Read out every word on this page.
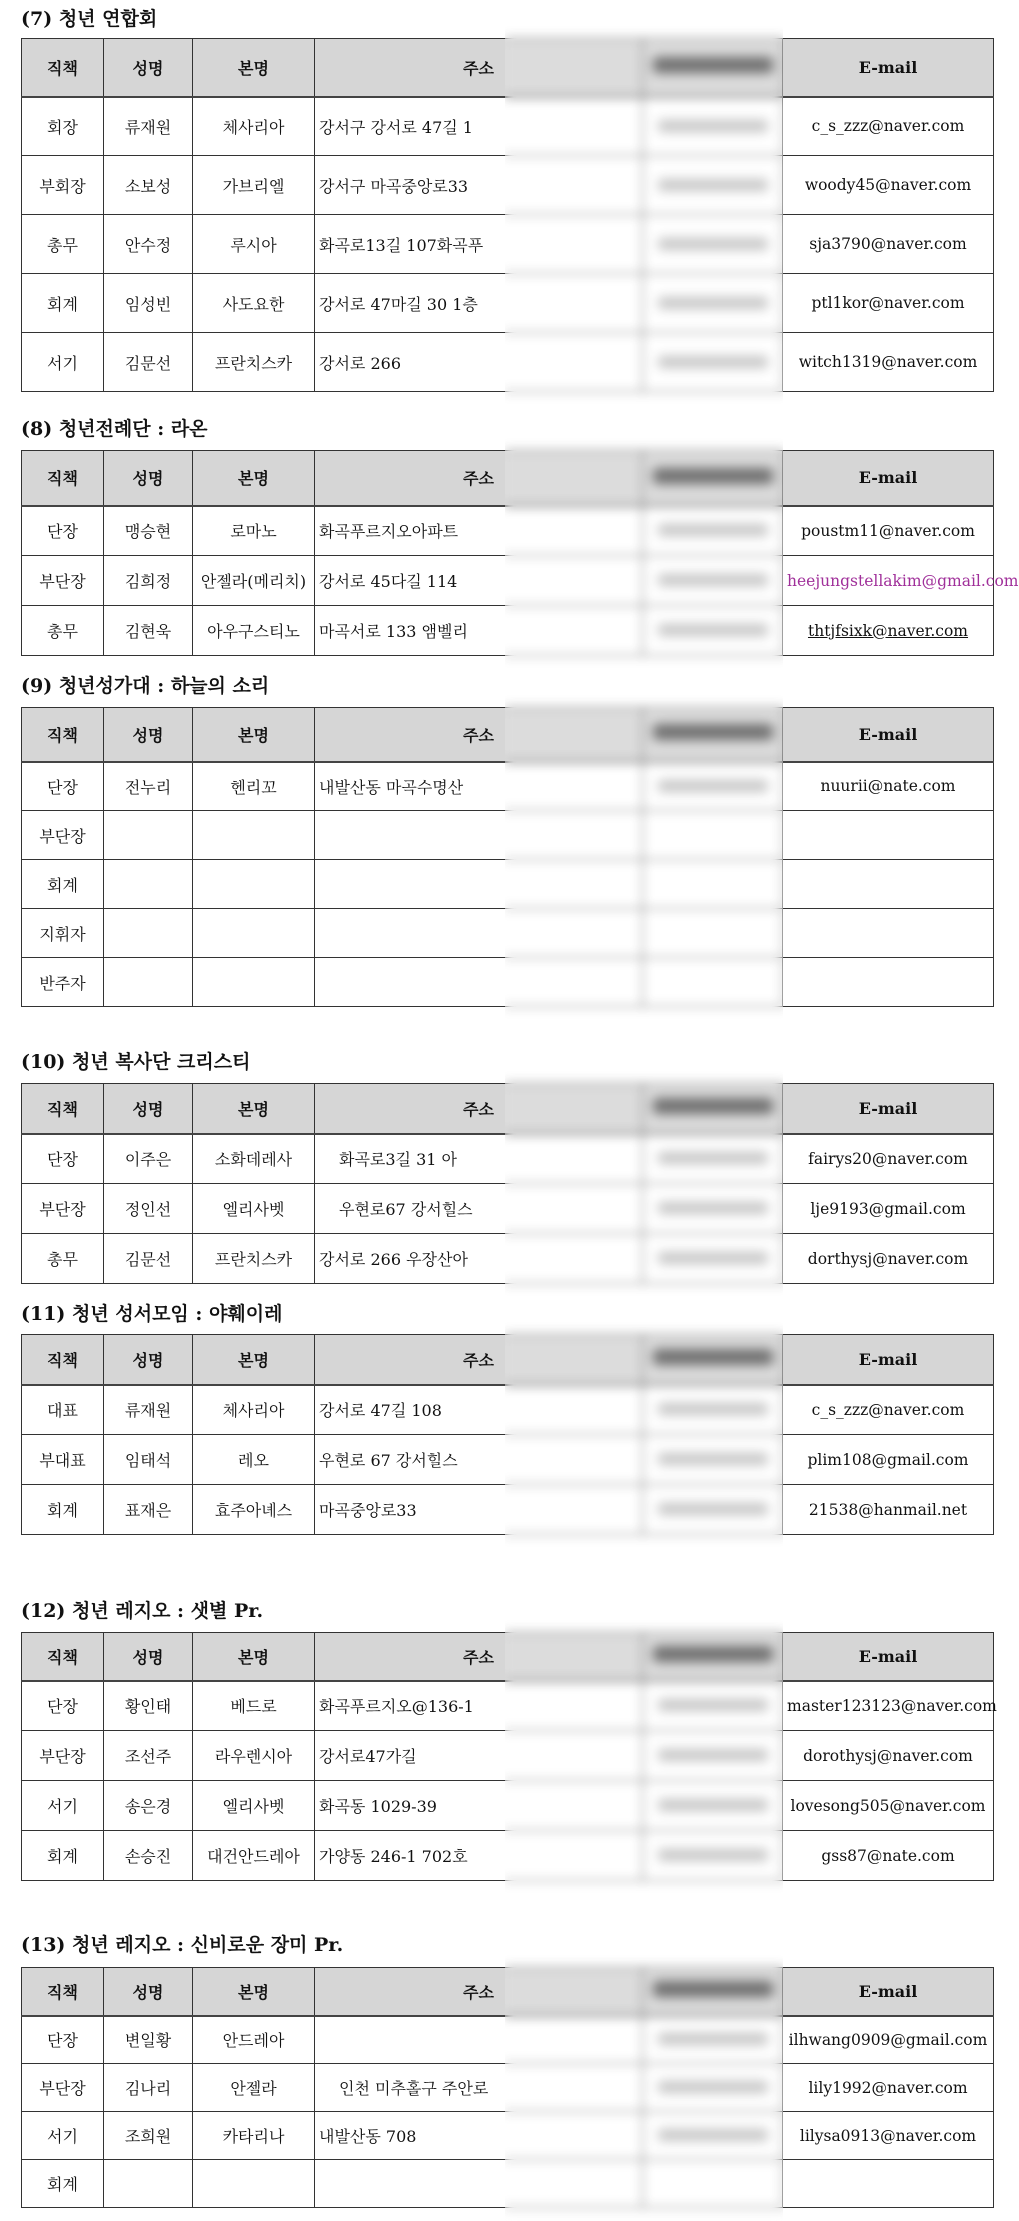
(7) 청년 연합회
직책	성명	본명	주소		E-mail
회장	류재원	체사리아	강서구 강서로 47길 1		c_s_zzz@naver.com
부회장	소보성	가브리엘	강서구 마곡중앙로33		woody45@naver.com
총무	안수정	루시아	화곡로13길 107화곡푸		sja3790@naver.com
회계	임성빈	사도요한	강서로 47마길 30 1층		ptl1kor@naver.com
서기	김문선	프란치스카	강서로 266		witch1319@naver.com
(8) 청년전례단 : 라온
직책	성명	본명	주소		E-mail
단장	맹승현	로마노	화곡푸르지오아파트		poustm11@naver.com
부단장	김희정	안젤라(메리치)	강서로 45다길 114		heejungstellakim@gmail.com
총무	김현욱	아우구스티노	마곡서로 133 앰벨리		thtjfsixk@naver.com
(9) 청년성가대 : 하늘의 소리
직책	성명	본명	주소		E-mail
단장	전누리	헨리꼬	내발산동 마곡수명산		nuurii@nate.com
부단장					
회계					
지휘자					
반주자					
(10) 청년 복사단 크리스티
직책	성명	본명	주소		E-mail
단장	이주은	소화데레사	화곡로3길 31 아		fairys20@naver.com
부단장	정인선	엘리사벳	우현로67 강서힐스		lje9193@gmail.com
총무	김문선	프란치스카	강서로 266 우장산아		dorthysj@naver.com
(11) 청년 성서모임 : 야훼이레
직책	성명	본명	주소		E-mail
대표	류재원	체사리아	강서로 47길 108		c_s_zzz@naver.com
부대표	임태석	레오	우현로 67 강서힐스		plim108@gmail.com
회계	표재은	효주아녜스	마곡중앙로33		21538@hanmail.net
(12) 청년 레지오 : 샛별 Pr.
직책	성명	본명	주소		E-mail
단장	황인태	베드로	화곡푸르지오@136-1		master123123@naver.com
부단장	조선주	라우렌시아	강서로47가길		dorothysj@naver.com
서기	송은경	엘리사벳	화곡동 1029-39		lovesong505@naver.com
회계	손승진	대건안드레아	가양동 246-1 702호		gss87@nate.com
(13) 청년 레지오 : 신비로운 장미 Pr.
직책	성명	본명	주소		E-mail
단장	변일황	안드레아			ilhwang0909@gmail.com
부단장	김나리	안젤라	인천 미추홀구 주안로		lily1992@naver.com
서기	조희원	카타리나	내발산동 708		lilysa0913@naver.com
회계					
